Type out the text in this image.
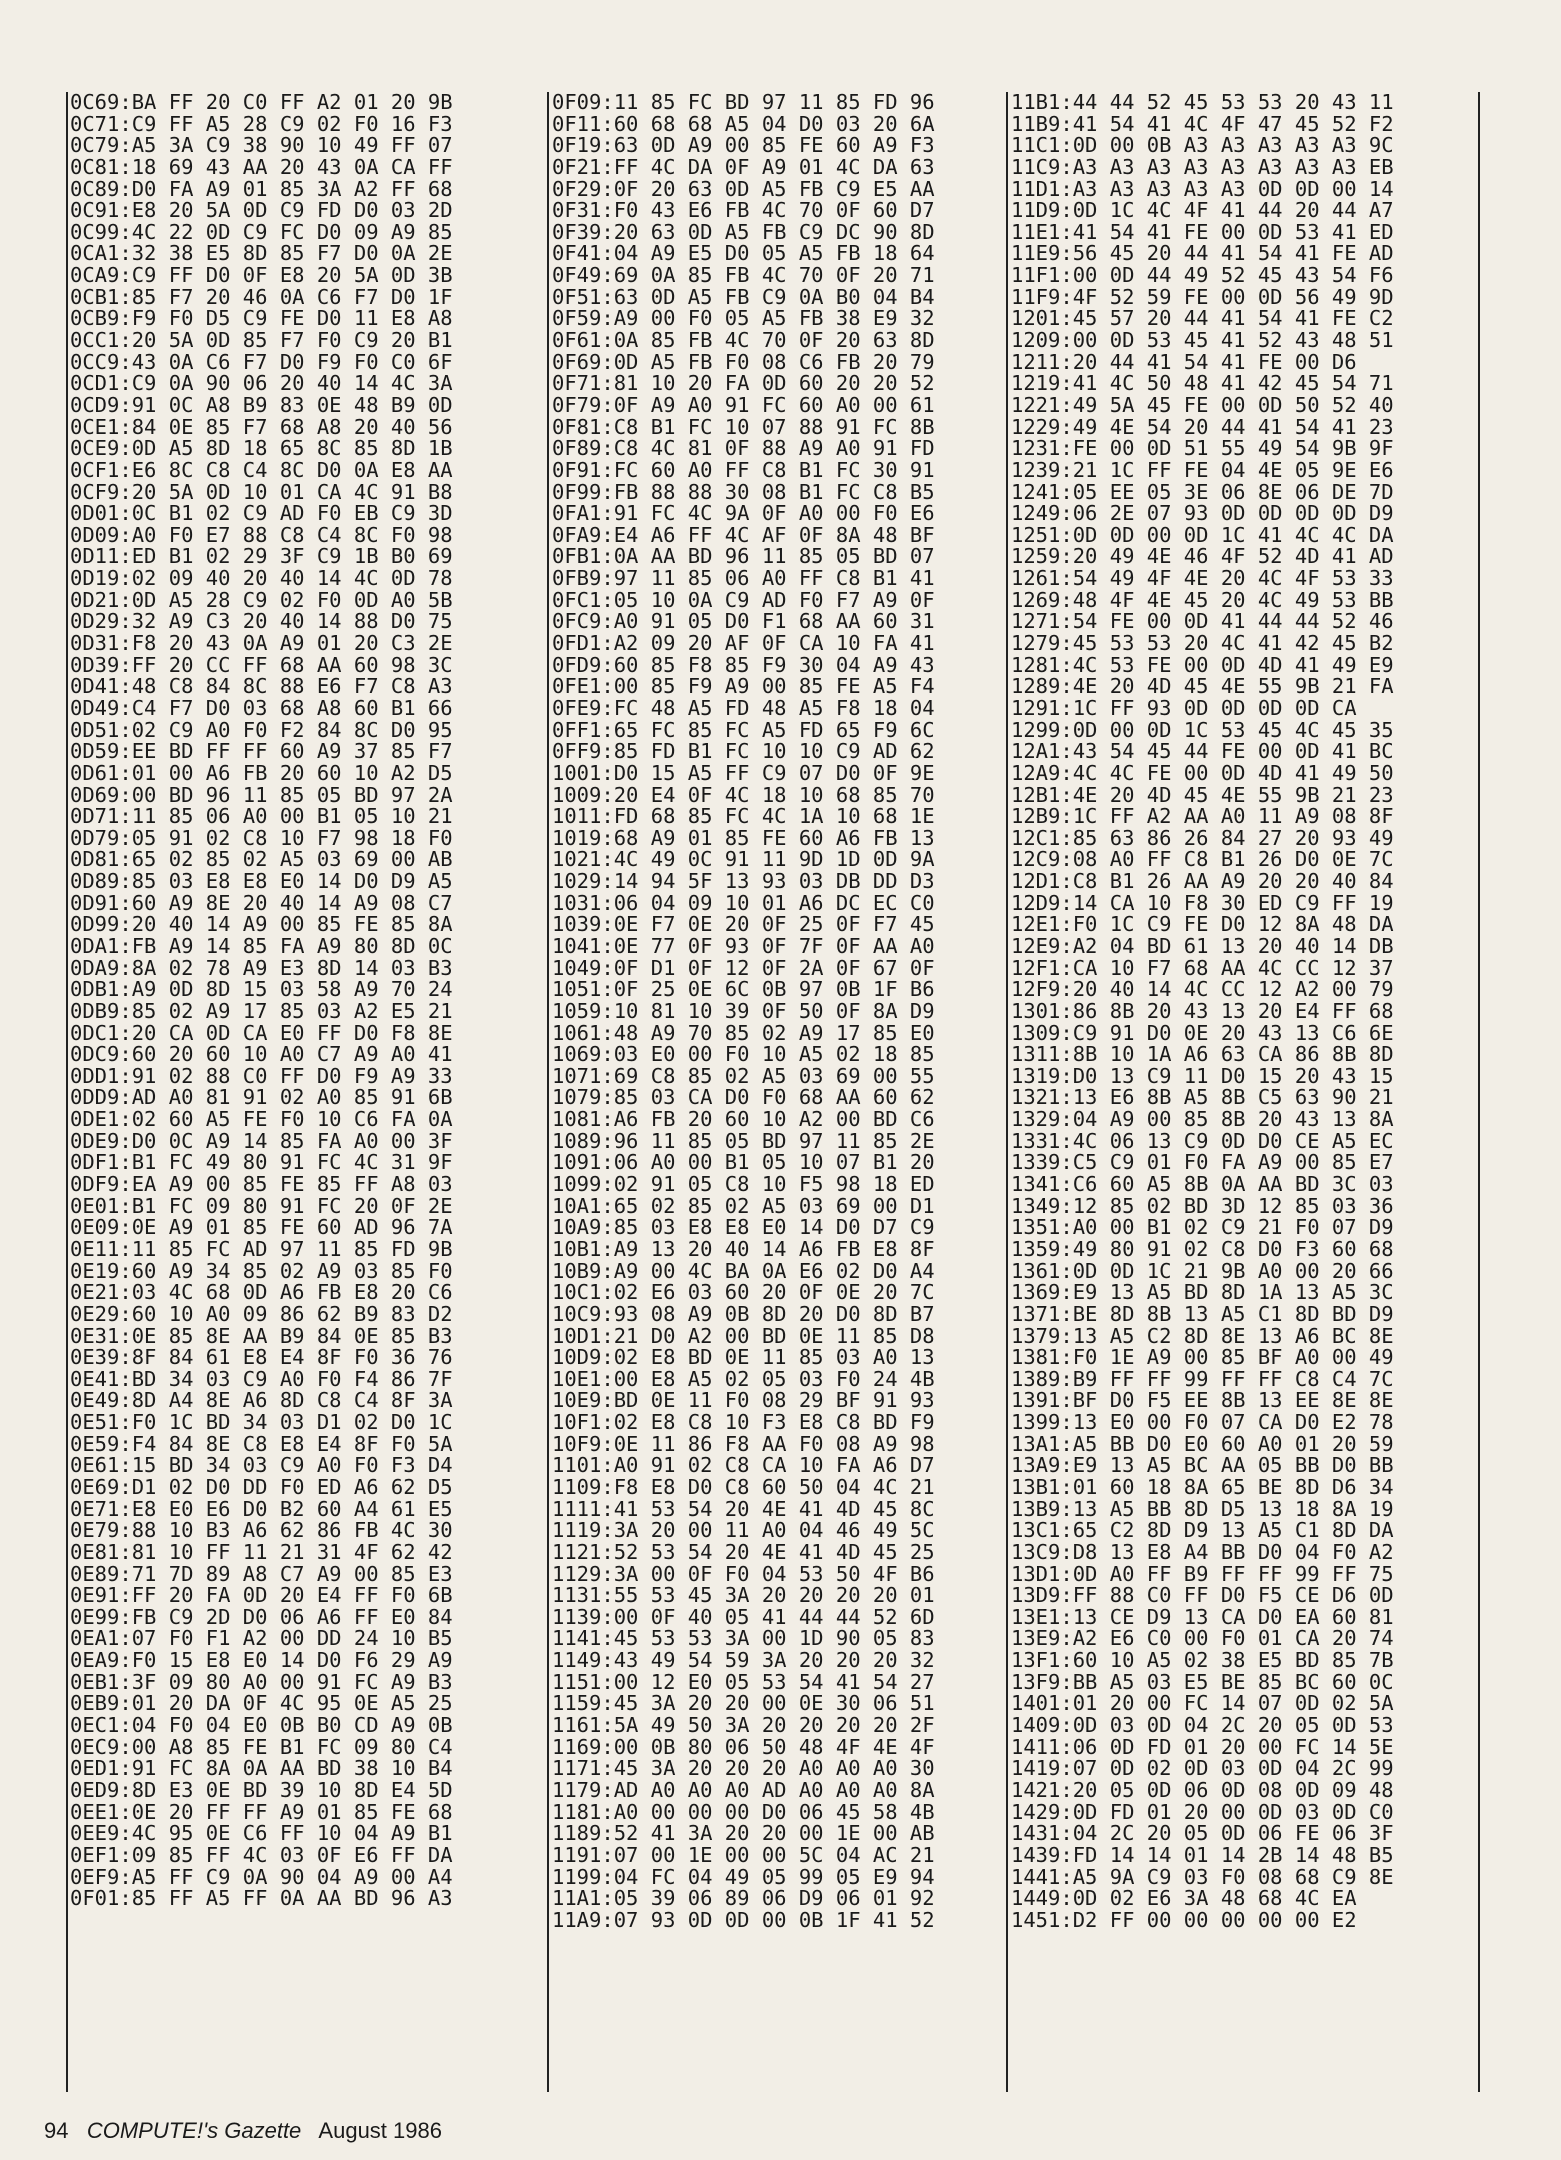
0C69:BA FF 20 C0 FF A2 01 20 9B
0C71:C9 FF A5 28 C9 02 F0 16 F3
0C79:A5 3A C9 38 90 10 49 FF 07
0C81:18 69 43 AA 20 43 0A CA FF
0C89:D0 FA A9 01 85 3A A2 FF 68
0C91:E8 20 5A 0D C9 FD D0 03 2D
0C99:4C 22 0D C9 FC D0 09 A9 85
0CA1:32 38 E5 8D 85 F7 D0 0A 2E
0CA9:C9 FF D0 0F E8 20 5A 0D 3B
0CB1:85 F7 20 46 0A C6 F7 D0 1F
0CB9:F9 F0 D5 C9 FE D0 11 E8 A8
0CC1:20 5A 0D 85 F7 F0 C9 20 B1
0CC9:43 0A C6 F7 D0 F9 F0 C0 6F
0CD1:C9 0A 90 06 20 40 14 4C 3A
0CD9:91 0C A8 B9 83 0E 48 B9 0D
0CE1:84 0E 85 F7 68 A8 20 40 56
0CE9:0D A5 8D 18 65 8C 85 8D 1B
0CF1:E6 8C C8 C4 8C D0 0A E8 AA
0CF9:20 5A 0D 10 01 CA 4C 91 B8
0D01:0C B1 02 C9 AD F0 EB C9 3D
0D09:A0 F0 E7 88 C8 C4 8C F0 98
0D11:ED B1 02 29 3F C9 1B B0 69
0D19:02 09 40 20 40 14 4C 0D 78
0D21:0D A5 28 C9 02 F0 0D A0 5B
0D29:32 A9 C3 20 40 14 88 D0 75
0D31:F8 20 43 0A A9 01 20 C3 2E
0D39:FF 20 CC FF 68 AA 60 98 3C
0D41:48 C8 84 8C 88 E6 F7 C8 A3
0D49:C4 F7 D0 03 68 A8 60 B1 66
0D51:02 C9 A0 F0 F2 84 8C D0 95
0D59:EE BD FF FF 60 A9 37 85 F7
0D61:01 00 A6 FB 20 60 10 A2 D5
0D69:00 BD 96 11 85 05 BD 97 2A
0D71:11 85 06 A0 00 B1 05 10 21
0D79:05 91 02 C8 10 F7 98 18 F0
0D81:65 02 85 02 A5 03 69 00 AB
0D89:85 03 E8 E8 E0 14 D0 D9 A5
0D91:60 A9 8E 20 40 14 A9 08 C7
0D99:20 40 14 A9 00 85 FE 85 8A
0DA1:FB A9 14 85 FA A9 80 8D 0C
0DA9:8A 02 78 A9 E3 8D 14 03 B3
0DB1:A9 0D 8D 15 03 58 A9 70 24
0DB9:85 02 A9 17 85 03 A2 E5 21
0DC1:20 CA 0D CA E0 FF D0 F8 8E
0DC9:60 20 60 10 A0 C7 A9 A0 41
0DD1:91 02 88 C0 FF D0 F9 A9 33
0DD9:AD A0 81 91 02 A0 85 91 6B
0DE1:02 60 A5 FE F0 10 C6 FA 0A
0DE9:D0 0C A9 14 85 FA A0 00 3F
0DF1:B1 FC 49 80 91 FC 4C 31 9F
0DF9:EA A9 00 85 FE 85 FF A8 03
0E01:B1 FC 09 80 91 FC 20 0F 2E
0E09:0E A9 01 85 FE 60 AD 96 7A
0E11:11 85 FC AD 97 11 85 FD 9B
0E19:60 A9 34 85 02 A9 03 85 F0
0E21:03 4C 68 0D A6 FB E8 20 C6
0E29:60 10 A0 09 86 62 B9 83 D2
0E31:0E 85 8E AA B9 84 0E 85 B3
0E39:8F 84 61 E8 E4 8F F0 36 76
0E41:BD 34 03 C9 A0 F0 F4 86 7F
0E49:8D A4 8E A6 8D C8 C4 8F 3A
0E51:F0 1C BD 34 03 D1 02 D0 1C
0E59:F4 84 8E C8 E8 E4 8F F0 5A
0E61:15 BD 34 03 C9 A0 F0 F3 D4
0E69:D1 02 D0 DD F0 ED A6 62 D5
0E71:E8 E0 E6 D0 B2 60 A4 61 E5
0E79:88 10 B3 A6 62 86 FB 4C 30
0E81:81 10 FF 11 21 31 4F 62 42
0E89:71 7D 89 A8 C7 A9 00 85 E3
0E91:FF 20 FA 0D 20 E4 FF F0 6B
0E99:FB C9 2D D0 06 A6 FF E0 84
0EA1:07 F0 F1 A2 00 DD 24 10 B5
0EA9:F0 15 E8 E0 14 D0 F6 29 A9
0EB1:3F 09 80 A0 00 91 FC A9 B3
0EB9:01 20 DA 0F 4C 95 0E A5 25
0EC1:04 F0 04 E0 0B B0 CD A9 0B
0EC9:00 A8 85 FE B1 FC 09 80 C4
0ED1:91 FC 8A 0A AA BD 38 10 B4
0ED9:8D E3 0E BD 39 10 8D E4 5D
0EE1:0E 20 FF FF A9 01 85 FE 68
0EE9:4C 95 0E C6 FF 10 04 A9 B1
0EF1:09 85 FF 4C 03 0F E6 FF DA
0EF9:A5 FF C9 0A 90 04 A9 00 A4
0F01:85 FF A5 FF 0A AA BD 96 A3
0F09:11 85 FC BD 97 11 85 FD 96
0F11:60 68 68 A5 04 D0 03 20 6A
0F19:63 0D A9 00 85 FE 60 A9 F3
0F21:FF 4C DA 0F A9 01 4C DA 63
0F29:0F 20 63 0D A5 FB C9 E5 AA
0F31:F0 43 E6 FB 4C 70 0F 60 D7
0F39:20 63 0D A5 FB C9 DC 90 8D
0F41:04 A9 E5 D0 05 A5 FB 18 64
0F49:69 0A 85 FB 4C 70 0F 20 71
0F51:63 0D A5 FB C9 0A B0 04 B4
0F59:A9 00 F0 05 A5 FB 38 E9 32
0F61:0A 85 FB 4C 70 0F 20 63 8D
0F69:0D A5 FB F0 08 C6 FB 20 79
0F71:81 10 20 FA 0D 60 20 20 52
0F79:0F A9 A0 91 FC 60 A0 00 61
0F81:C8 B1 FC 10 07 88 91 FC 8B
0F89:C8 4C 81 0F 88 A9 A0 91 FD
0F91:FC 60 A0 FF C8 B1 FC 30 91
0F99:FB 88 88 30 08 B1 FC C8 B5
0FA1:91 FC 4C 9A 0F A0 00 F0 E6
0FA9:E4 A6 FF 4C AF 0F 8A 48 BF
0FB1:0A AA BD 96 11 85 05 BD 07
0FB9:97 11 85 06 A0 FF C8 B1 41
0FC1:05 10 0A C9 AD F0 F7 A9 0F
0FC9:A0 91 05 D0 F1 68 AA 60 31
0FD1:A2 09 20 AF 0F CA 10 FA 41
0FD9:60 85 F8 85 F9 30 04 A9 43
0FE1:00 85 F9 A9 00 85 FE A5 F4
0FE9:FC 48 A5 FD 48 A5 F8 18 04
0FF1:65 FC 85 FC A5 FD 65 F9 6C
0FF9:85 FD B1 FC 10 10 C9 AD 62
1001:D0 15 A5 FF C9 07 D0 0F 9E
1009:20 E4 0F 4C 18 10 68 85 70
1011:FD 68 85 FC 4C 1A 10 68 1E
1019:68 A9 01 85 FE 60 A6 FB 13
1021:4C 49 0C 91 11 9D 1D 0D 9A
1029:14 94 5F 13 93 03 DB DD D3
1031:06 04 09 10 01 A6 DC EC C0
1039:0E F7 0E 20 0F 25 0F F7 45
1041:0E 77 0F 93 0F 7F 0F AA A0
1049:0F D1 0F 12 0F 2A 0F 67 0F
1051:0F 25 0E 6C 0B 97 0B 1F B6
1059:10 81 10 39 0F 50 0F 8A D9
1061:48 A9 70 85 02 A9 17 85 E0
1069:03 E0 00 F0 10 A5 02 18 85
1071:69 C8 85 02 A5 03 69 00 55
1079:85 03 CA D0 F0 68 AA 60 62
1081:A6 FB 20 60 10 A2 00 BD C6
1089:96 11 85 05 BD 97 11 85 2E
1091:06 A0 00 B1 05 10 07 B1 20
1099:02 91 05 C8 10 F5 98 18 ED
10A1:65 02 85 02 A5 03 69 00 D1
10A9:85 03 E8 E8 E0 14 D0 D7 C9
10B1:A9 13 20 40 14 A6 FB E8 8F
10B9:A9 00 4C BA 0A E6 02 D0 A4
10C1:02 E6 03 60 20 0F 0E 20 7C
10C9:93 08 A9 0B 8D 20 D0 8D B7
10D1:21 D0 A2 00 BD 0E 11 85 D8
10D9:02 E8 BD 0E 11 85 03 A0 13
10E1:00 E8 A5 02 05 03 F0 24 4B
10E9:BD 0E 11 F0 08 29 BF 91 93
10F1:02 E8 C8 10 F3 E8 C8 BD F9
10F9:0E 11 86 F8 AA F0 08 A9 98
1101:A0 91 02 C8 CA 10 FA A6 D7
1109:F8 E8 D0 C8 60 50 04 4C 21
1111:41 53 54 20 4E 41 4D 45 8C
1119:3A 20 00 11 A0 04 46 49 5C
1121:52 53 54 20 4E 41 4D 45 25
1129:3A 00 0F F0 04 53 50 4F B6
1131:55 53 45 3A 20 20 20 20 01
1139:00 0F 40 05 41 44 44 52 6D
1141:45 53 53 3A 00 1D 90 05 83
1149:43 49 54 59 3A 20 20 20 32
1151:00 12 E0 05 53 54 41 54 27
1159:45 3A 20 20 00 0E 30 06 51
1161:5A 49 50 3A 20 20 20 20 2F
1169:00 0B 80 06 50 48 4F 4E 4F
1171:45 3A 20 20 20 A0 A0 A0 30
1179:AD A0 A0 A0 AD A0 A0 A0 8A
1181:A0 00 00 00 D0 06 45 58 4B
1189:52 41 3A 20 20 00 1E 00 AB
1191:07 00 1E 00 00 5C 04 AC 21
1199:04 FC 04 49 05 99 05 E9 94
11A1:05 39 06 89 06 D9 06 01 92
11A9:07 93 0D 0D 00 0B 1F 41 52
11B1:44 44 52 45 53 53 20 43 11
11B9:41 54 41 4C 4F 47 45 52 F2
11C1:0D 00 0B A3 A3 A3 A3 A3 9C
11C9:A3 A3 A3 A3 A3 A3 A3 A3 EB
11D1:A3 A3 A3 A3 A3 0D 0D 00 14
11D9:0D 1C 4C 4F 41 44 20 44 A7
11E1:41 54 41 FE 00 0D 53 41 ED
11E9:56 45 20 44 41 54 41 FE AD
11F1:00 0D 44 49 52 45 43 54 F6
11F9:4F 52 59 FE 00 0D 56 49 9D
1201:45 57 20 44 41 54 41 FE C2
1209:00 0D 53 45 41 52 43 48 51
1211:20 44 41 54 41 FE 00 D6
1219:41 4C 50 48 41 42 45 54 71
1221:49 5A 45 FE 00 0D 50 52 40
1229:49 4E 54 20 44 41 54 41 23
1231:FE 00 0D 51 55 49 54 9B 9F
1239:21 1C FF FE 04 4E 05 9E E6
1241:05 EE 05 3E 06 8E 06 DE 7D
1249:06 2E 07 93 0D 0D 0D 0D D9
1251:0D 0D 00 0D 1C 41 4C 4C DA
1259:20 49 4E 46 4F 52 4D 41 AD
1261:54 49 4F 4E 20 4C 4F 53 33
1269:48 4F 4E 45 20 4C 49 53 BB
1271:54 FE 00 0D 41 44 44 52 46
1279:45 53 53 20 4C 41 42 45 B2
1281:4C 53 FE 00 0D 4D 41 49 E9
1289:4E 20 4D 45 4E 55 9B 21 FA
1291:1C FF 93 0D 0D 0D 0D CA
1299:0D 00 0D 1C 53 45 4C 45 35
12A1:43 54 45 44 FE 00 0D 41 BC
12A9:4C 4C FE 00 0D 4D 41 49 50
12B1:4E 20 4D 45 4E 55 9B 21 23
12B9:1C FF A2 AA A0 11 A9 08 8F
12C1:85 63 86 26 84 27 20 93 49
12C9:08 A0 FF C8 B1 26 D0 0E 7C
12D1:C8 B1 26 AA A9 20 20 40 84
12D9:14 CA 10 F8 30 ED C9 FF 19
12E1:F0 1C C9 FE D0 12 8A 48 DA
12E9:A2 04 BD 61 13 20 40 14 DB
12F1:CA 10 F7 68 AA 4C CC 12 37
12F9:20 40 14 4C CC 12 A2 00 79
1301:86 8B 20 43 13 20 E4 FF 68
1309:C9 91 D0 0E 20 43 13 C6 6E
1311:8B 10 1A A6 63 CA 86 8B 8D
1319:D0 13 C9 11 D0 15 20 43 15
1321:13 E6 8B A5 8B C5 63 90 21
1329:04 A9 00 85 8B 20 43 13 8A
1331:4C 06 13 C9 0D D0 CE A5 EC
1339:C5 C9 01 F0 FA A9 00 85 E7
1341:C6 60 A5 8B 0A AA BD 3C 03
1349:12 85 02 BD 3D 12 85 03 36
1351:A0 00 B1 02 C9 21 F0 07 D9
1359:49 80 91 02 C8 D0 F3 60 68
1361:0D 0D 1C 21 9B A0 00 20 66
1369:E9 13 A5 BD 8D 1A 13 A5 3C
1371:BE 8D 8B 13 A5 C1 8D BD D9
1379:13 A5 C2 8D 8E 13 A6 BC 8E
1381:F0 1E A9 00 85 BF A0 00 49
1389:B9 FF FF 99 FF FF C8 C4 7C
1391:BF D0 F5 EE 8B 13 EE 8E 8E
1399:13 E0 00 F0 07 CA D0 E2 78
13A1:A5 BB D0 E0 60 A0 01 20 59
13A9:E9 13 A5 BC AA 05 BB D0 BB
13B1:01 60 18 8A 65 BE 8D D6 34
13B9:13 A5 BB 8D D5 13 18 8A 19
13C1:65 C2 8D D9 13 A5 C1 8D DA
13C9:D8 13 E8 A4 BB D0 04 F0 A2
13D1:0D A0 FF B9 FF FF 99 FF 75
13D9:FF 88 C0 FF D0 F5 CE D6 0D
13E1:13 CE D9 13 CA D0 EA 60 81
13E9:A2 E6 C0 00 F0 01 CA 20 74
13F1:60 10 A5 02 38 E5 BD 85 7B
13F9:BB A5 03 E5 BE 85 BC 60 0C
1401:01 20 00 FC 14 07 0D 02 5A
1409:0D 03 0D 04 2C 20 05 0D 53
1411:06 0D FD 01 20 00 FC 14 5E
1419:07 0D 02 0D 03 0D 04 2C 99
1421:20 05 0D 06 0D 08 0D 09 48
1429:0D FD 01 20 00 0D 03 0D C0
1431:04 2C 20 05 0D 06 FE 06 3F
1439:FD 14 14 01 14 2B 14 48 B5
1441:A5 9A C9 03 F0 08 68 C9 8E
1449:0D 02 E6 3A 48 68 4C EA
1451:D2 FF 00 00 00 00 00 E2
94 COMPUTE!'s Gazette August 1986
